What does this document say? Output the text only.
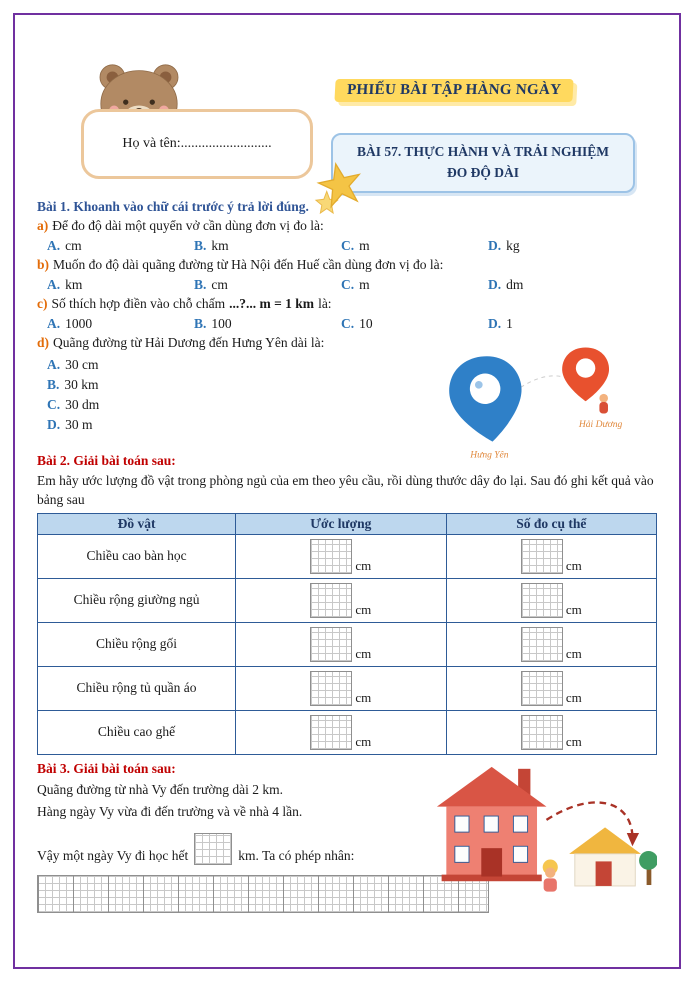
PHIẾU BÀI TẬP HÀNG NGÀY
Họ và tên:..........................
BÀI 57. THỰC HÀNH VÀ TRẢI NGHIỆM ĐO ĐỘ DÀI

Bài 1. Khoanh vào chữ cái trước ý trả lời đúng.

a) Để đo độ dài một quyển vở cần dùng đơn vị đo là:

A. cm	B. km	C. m	D. kg

b) Muốn đo độ dài quãng đường từ Hà Nội đến Huế cần dùng đơn vị đo là:

A. km	B. cm	C. m	D. dm

c) Số thích hợp điền vào chỗ chấm ...?... m = 1 km là:

A. 1000	B. 100	C. 10	D. 1

d) Quãng đường từ Hải Dương đến Hưng Yên dài là:

A. 30 cm
B. 30 km
C. 30 dm
D. 30 m	Hải Dương
Hưng Yên

Bài 2. Giải bài toán sau:

Em hãy ước lượng đồ vật trong phòng ngủ của em theo yêu cầu, rồi dùng thước dây đo lại. Sau đó ghi kết quả vào bảng sau

Đồ vật	Ước lượng	Số đo cụ thể
Chiều cao bàn học	cm	cm

Chiều rộng giường ngủ	cm	cm

Chiều rộng gối	cm	cm

Chiều rộng tủ quần áo	cm	cm

Chiều cao ghế	cm	cm

Bài 3. Giải bài toán sau:

Quãng đường từ nhà Vy đến trường dài 2 km.

Hàng ngày Vy vừa đi đến trường và về nhà 4 lần.

Vậy một ngày Vy đi học hết	km. Ta có phép nhân:
